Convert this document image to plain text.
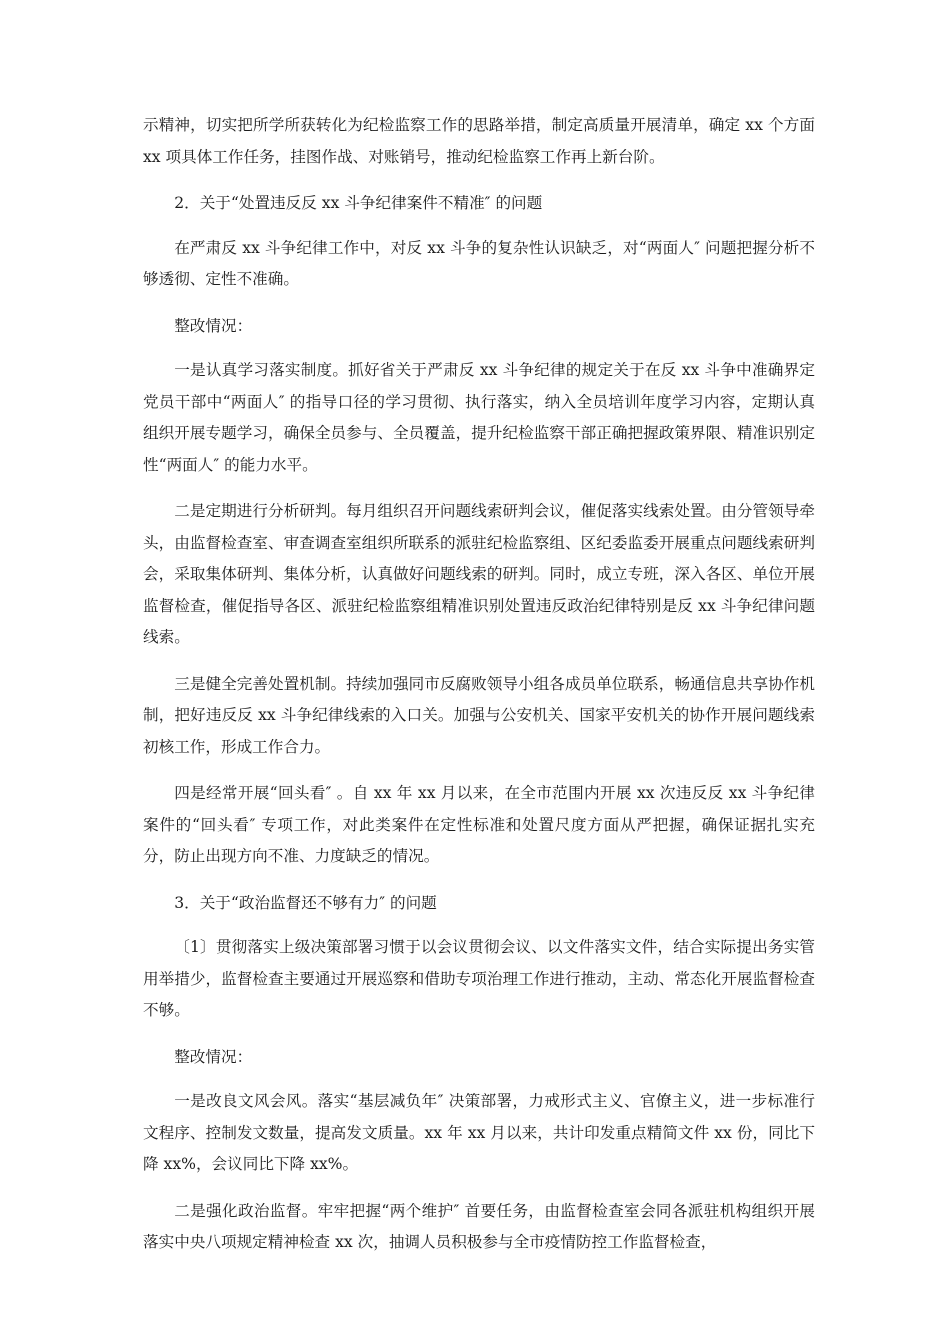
示精神，切实把所学所获转化为纪检监察工作的思路举措，制定高质量开展清单，确定 xx 个方面 xx 项具体工作任务，挂图作战、对账销号，推动纪检监察工作再上新台阶。

2．关于“处置违反反 xx 斗争纪律案件不精准″ 的问题

在严肃反 xx 斗争纪律工作中，对反 xx 斗争的复杂性认识缺乏，对“两面人″ 问题把握分析不够透彻、定性不准确。

整改情况：

一是认真学习落实制度。抓好省关于严肃反 xx 斗争纪律的规定关于在反 xx 斗争中准确界定党员干部中“两面人″ 的指导口径的学习贯彻、执行落实，纳入全员培训年度学习内容，定期认真组织开展专题学习，确保全员参与、全员覆盖，提升纪检监察干部正确把握政策界限、精准识别定性“两面人″ 的能力水平。

二是定期进行分析研判。每月组织召开问题线索研判会议，催促落实线索处置。由分管领导牵头，由监督检查室、审查调查室组织所联系的派驻纪检监察组、区纪委监委开展重点问题线索研判会，采取集体研判、集体分析，认真做好问题线索的研判。同时，成立专班，深入各区、单位开展监督检查，催促指导各区、派驻纪检监察组精准识别处置违反政治纪律特别是反 xx 斗争纪律问题线索。

三是健全完善处置机制。持续加强同市反腐败领导小组各成员单位联系，畅通信息共享协作机制，把好违反反 xx 斗争纪律线索的入口关。加强与公安机关、国家平安机关的协作开展问题线索初核工作，形成工作合力。

四是经常开展“回头看″ 。自 xx 年 xx 月以来，在全市范围内开展 xx 次违反反 xx 斗争纪律案件的“回头看″ 专项工作，对此类案件在定性标准和处置尺度方面从严把握，确保证据扎实充分，防止出现方向不准、力度缺乏的情况。

3．关于“政治监督还不够有力″ 的问题

〔1〕贯彻落实上级决策部署习惯于以会议贯彻会议、以文件落实文件，结合实际提出务实管用举措少，监督检查主要通过开展巡察和借助专项治理工作进行推动，主动、常态化开展监督检查不够。

整改情况：

一是改良文风会风。落实“基层减负年″ 决策部署，力戒形式主义、官僚主义，进一步标准行文程序、控制发文数量，提高发文质量。xx 年 xx 月以来，共计印发重点精简文件 xx 份，同比下降 xx%，会议同比下降 xx%。

二是强化政治监督。牢牢把握“两个维护″ 首要任务，由监督检查室会同各派驻机构组织开展落实中央八项规定精神检查 xx 次，抽调人员积极参与全市疫情防控工作监督检查，
